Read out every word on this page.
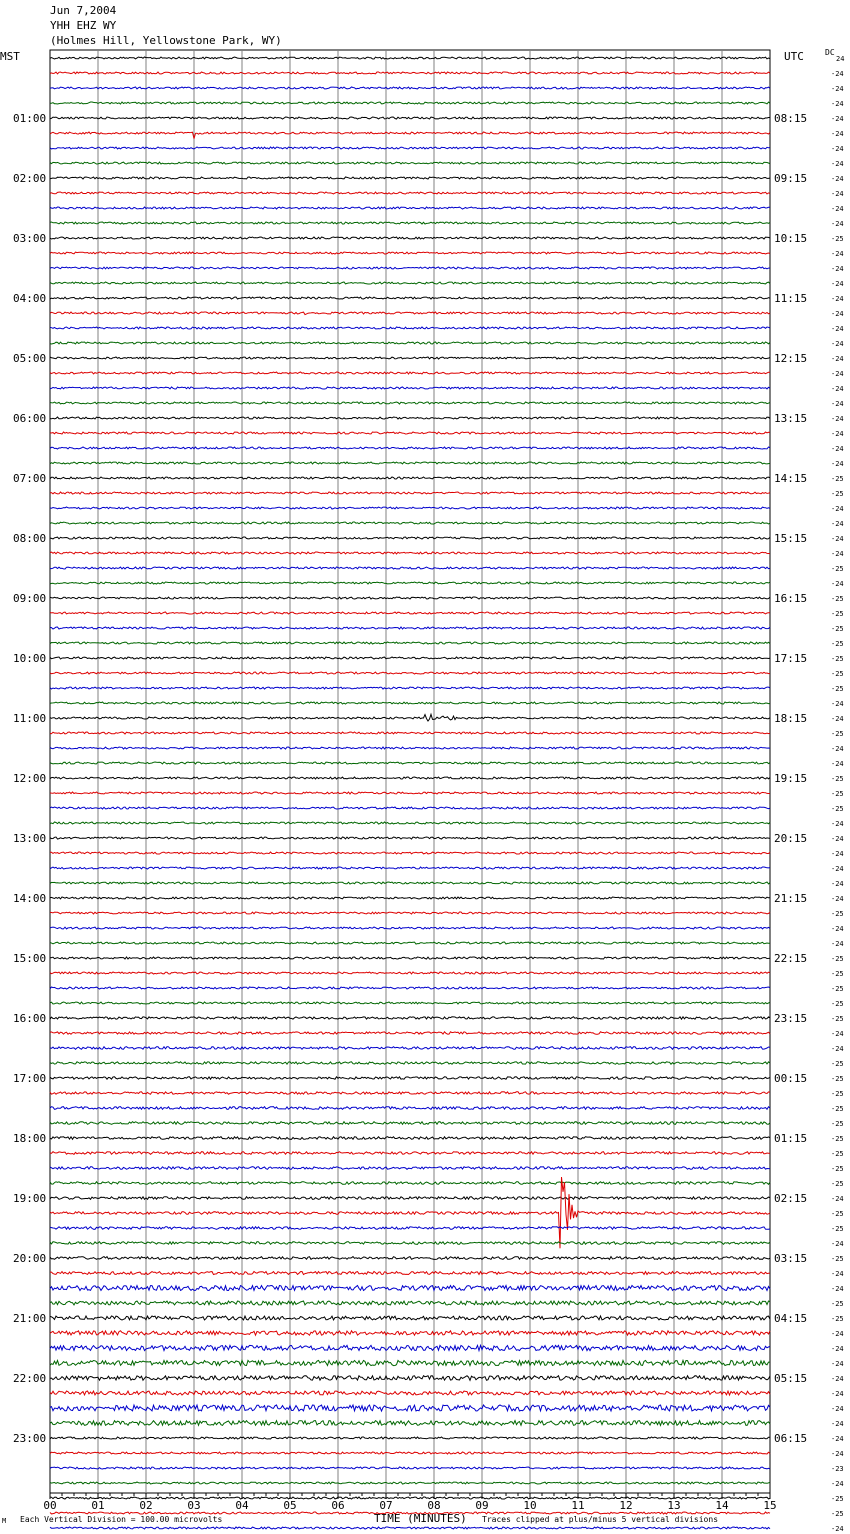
Jun 7,2004
YHH EHZ WY
(Holmes Hill, Yellowstone Park, WY)
MST	UTC	DC
01:00
02:00
03:00
04:00
05:00
06:00
07:00
08:00
09:00
10:00
11:00
12:00
13:00
14:00
15:00
16:00
17:00
18:00
19:00
20:00
21:00
22:00
23:00
08:15
09:15
10:15
11:15
12:15
13:15
14:15
15:15
16:15
17:15
18:15
19:15
20:15
21:15
22:15
23:15
00:15
01:15
02:15
03:15
04:15
05:15
06:15
24
-24
-24
-24
-24
-24
-24
-24
-24
-24
-24
-24
-25
-24
-24
-24
-24
-24
-24
-24
-24
-24
-24
-24
-24
-24
-24
-24
-25
-25
-24
-24
-24
-24
-25
-24
-25
-25
-25
-25
-25
-25
-25
-24
-24
-25
-24
-24
-25
-25
-25
-24
-24
-24
-24
-24
-24
-25
-24
-24
-25
-25
-25
-25
-25
-24
-24
-25
-25
-25
-25
-25
-25
-25
-25
-25
-24
-25
-25
-24
-25
-24
-24
-25
-25
-24
-24
-24
-24
-24
-24
-24
-24
-24
-23
-24
-25
-25
-24
00	01	02	03	04	05	06	07	08	09	10	11	12	13	14	15
M Each Vertical Division = 100.00 microvolts	TIME (MINUTES) Traces clipped at plus/minus 5 vertical divisions
